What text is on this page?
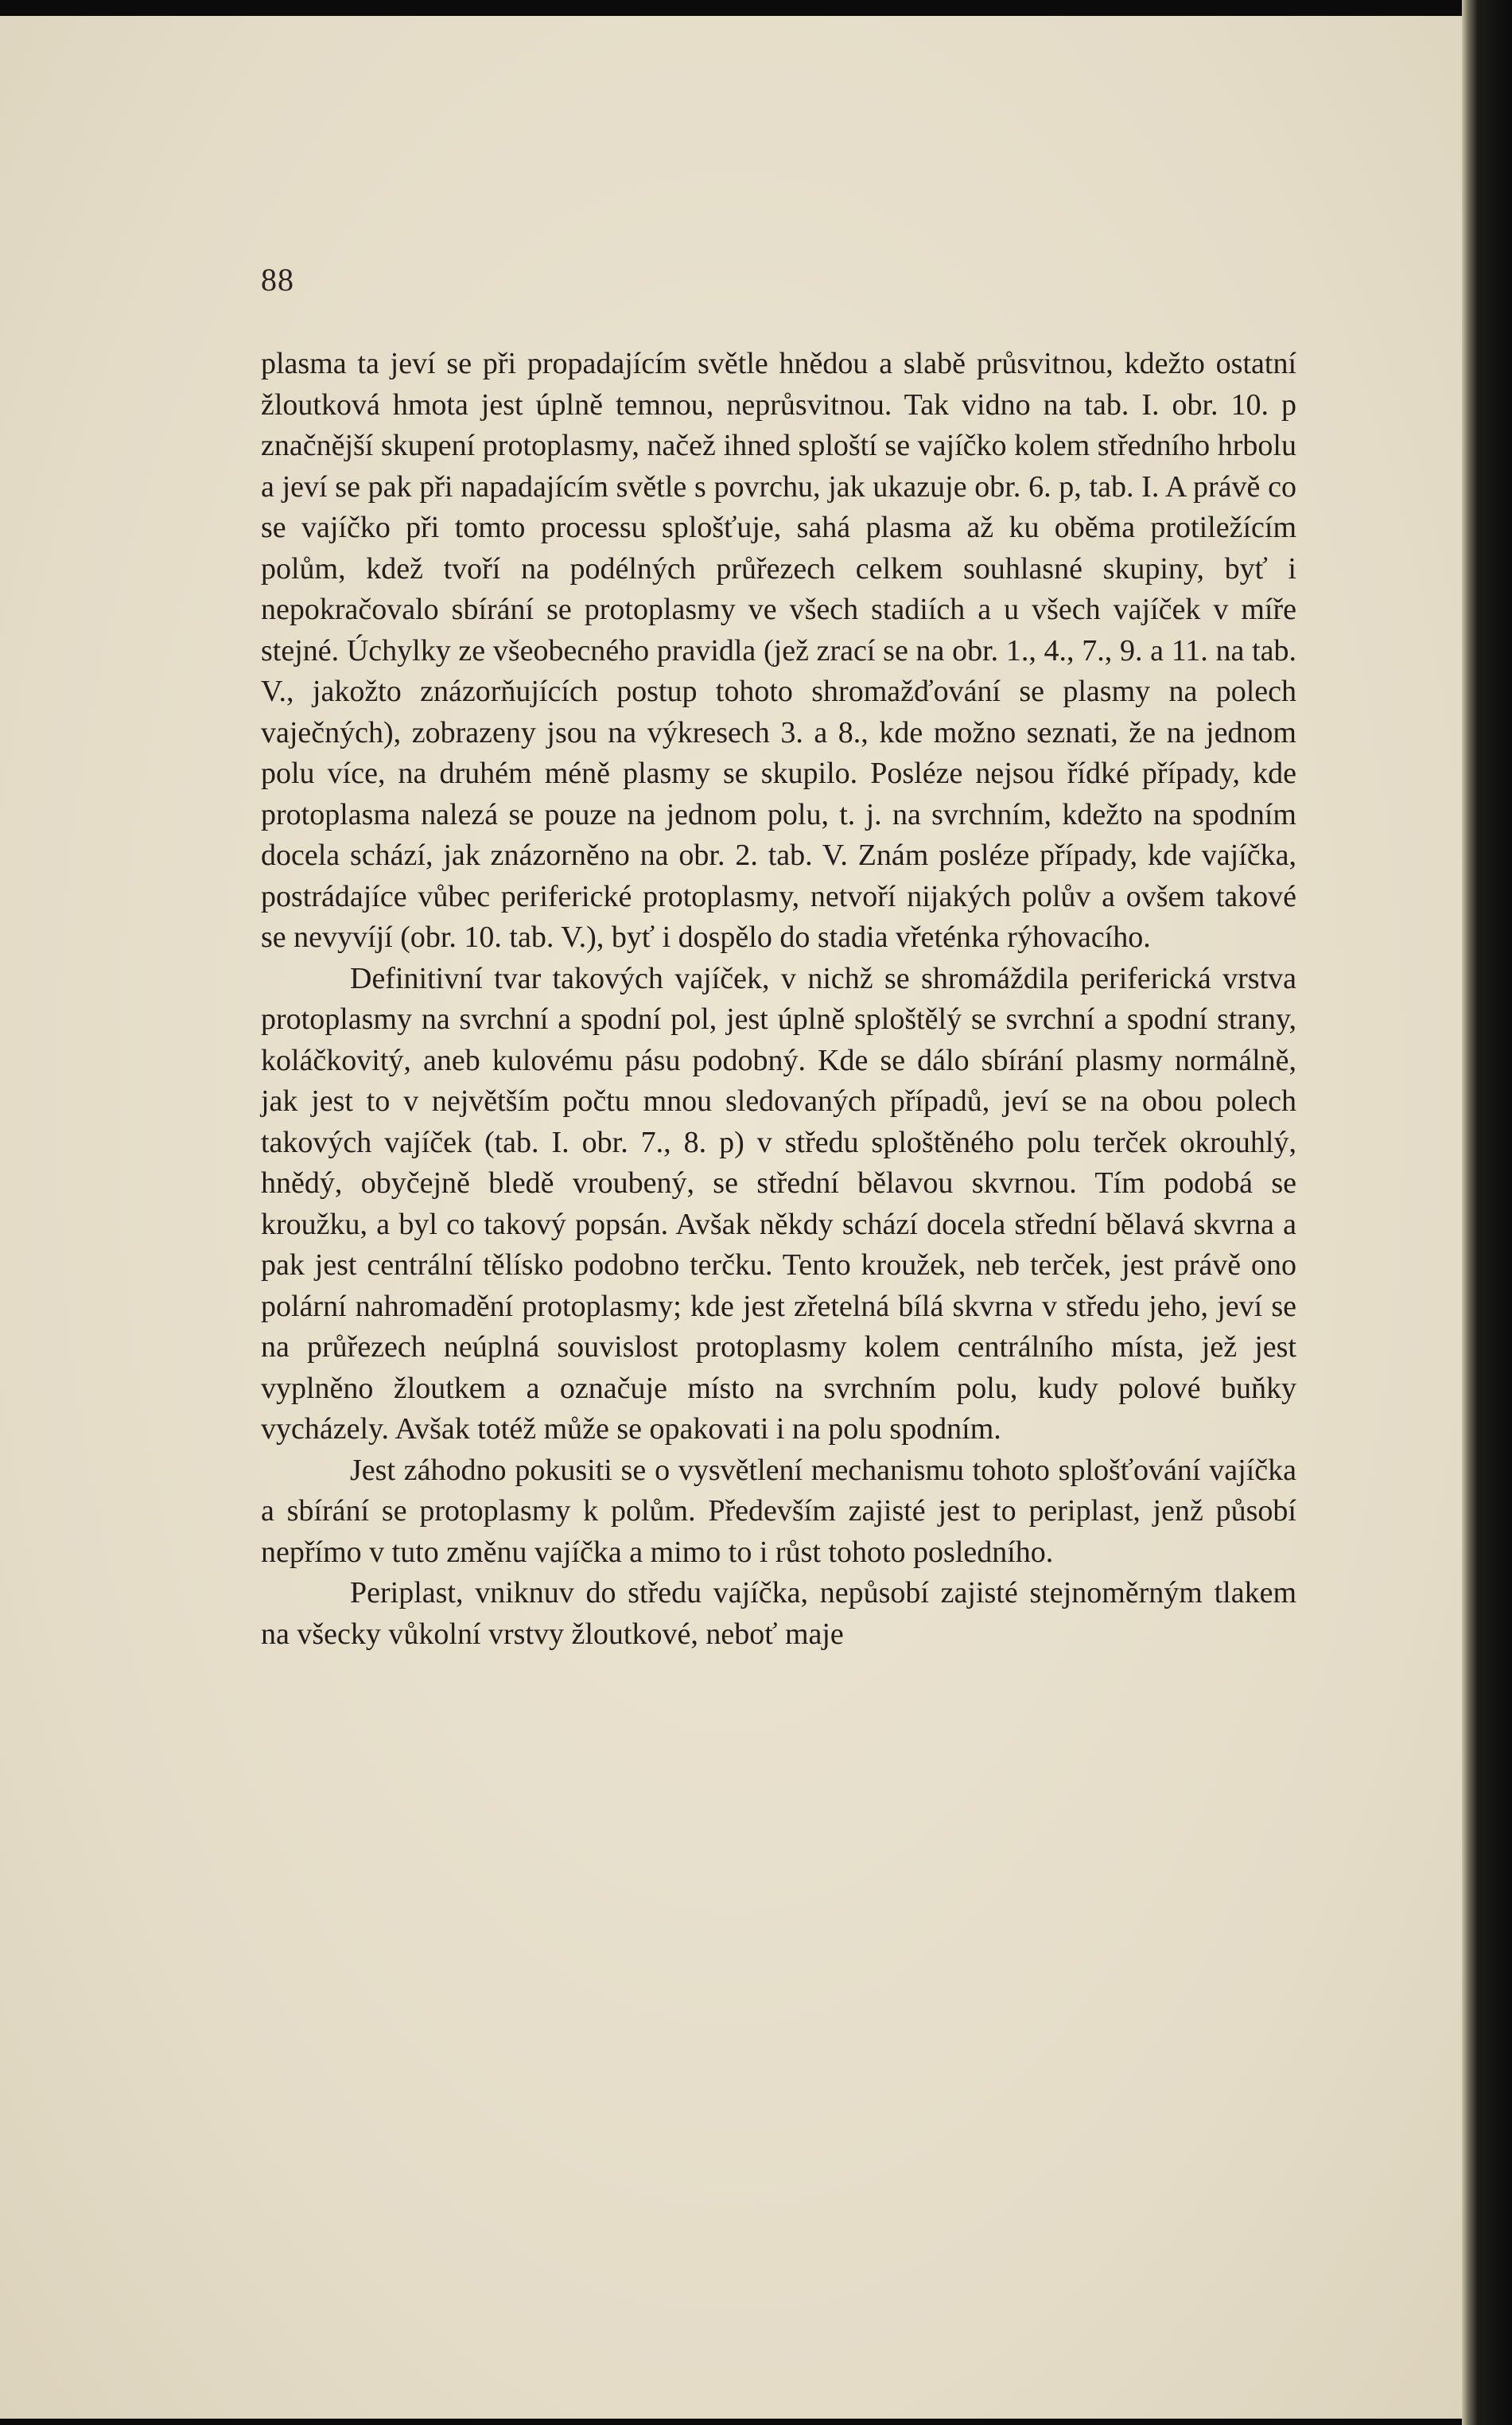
88

plasma ta jeví se při propadajícím světle hnědou a slabě průsvitnou, kdežto ostatní žloutková hmota jest úplně temnou, neprůsvitnou. Tak vidno na tab. I. obr. 10. p značnější skupení protoplasmy, načež ihned sploští se vajíčko kolem středního hrbolu a jeví se pak při napadajícím světle s povrchu, jak ukazuje obr. 6. p, tab. I. A právě co se vajíčko při tomto processu splošťuje, sahá plasma až ku oběma protiležícím polům, kdež tvoří na podélných průřezech celkem souhlasné skupiny, byť i nepokračovalo sbírání se protoplasmy ve všech stadiích a u všech vajíček v míře stejné. Úchylky ze všeobecného pravidla (jež zrací se na obr. 1., 4., 7., 9. a 11. na tab. V., jakožto znázorňujících postup tohoto shromažďování se plasmy na polech vaječných), zobrazeny jsou na výkresech 3. a 8., kde možno seznati, že na jednom polu více, na druhém méně plasmy se skupilo. Posléze nejsou řídké případy, kde protoplasma nalezá se pouze na jednom polu, t. j. na svrchním, kdežto na spodním docela schází, jak znázorněno na obr. 2. tab. V. Znám posléze případy, kde vajíčka, postrádajíce vůbec periferické protoplasmy, netvoří nijakých polův a ovšem takové se nevyvíjí (obr. 10. tab. V.), byť i dospělo do stadia vřeténka rýhovacího.

Definitivní tvar takových vajíček, v nichž se shromáždila periferická vrstva protoplasmy na svrchní a spodní pol, jest úplně sploštělý se svrchní a spodní strany, koláčkovitý, aneb kulovému pásu podobný. Kde se dálo sbírání plasmy normálně, jak jest to v největším počtu mnou sledovaných případů, jeví se na obou polech takových vajíček (tab. I. obr. 7., 8. p) v středu sploštěného polu terček okrouhlý, hnědý, obyčejně bledě vroubený, se střední bělavou skvrnou. Tím podobá se kroužku, a byl co takový popsán. Avšak někdy schází docela střední bělavá skvrna a pak jest centrální tělísko podobno terčku. Tento kroužek, neb terček, jest právě ono polární nahromadění protoplasmy; kde jest zřetelná bílá skvrna v středu jeho, jeví se na průřezech neúplná souvislost protoplasmy kolem centrálního místa, jež jest vyplněno žloutkem a označuje místo na svrchním polu, kudy polové buňky vycházely. Avšak totéž může se opakovati i na polu spodním.

Jest záhodno pokusiti se o vysvětlení mechanismu tohoto splošťování vajíčka a sbírání se protoplasmy k polům. Především zajisté jest to periplast, jenž působí nepřímo v tuto změnu vajíčka a mimo to i růst tohoto posledního.

Periplast, vniknuv do středu vajíčka, nepůsobí zajisté stejnoměrným tlakem na všecky vůkolní vrstvy žloutkové, neboť maje
